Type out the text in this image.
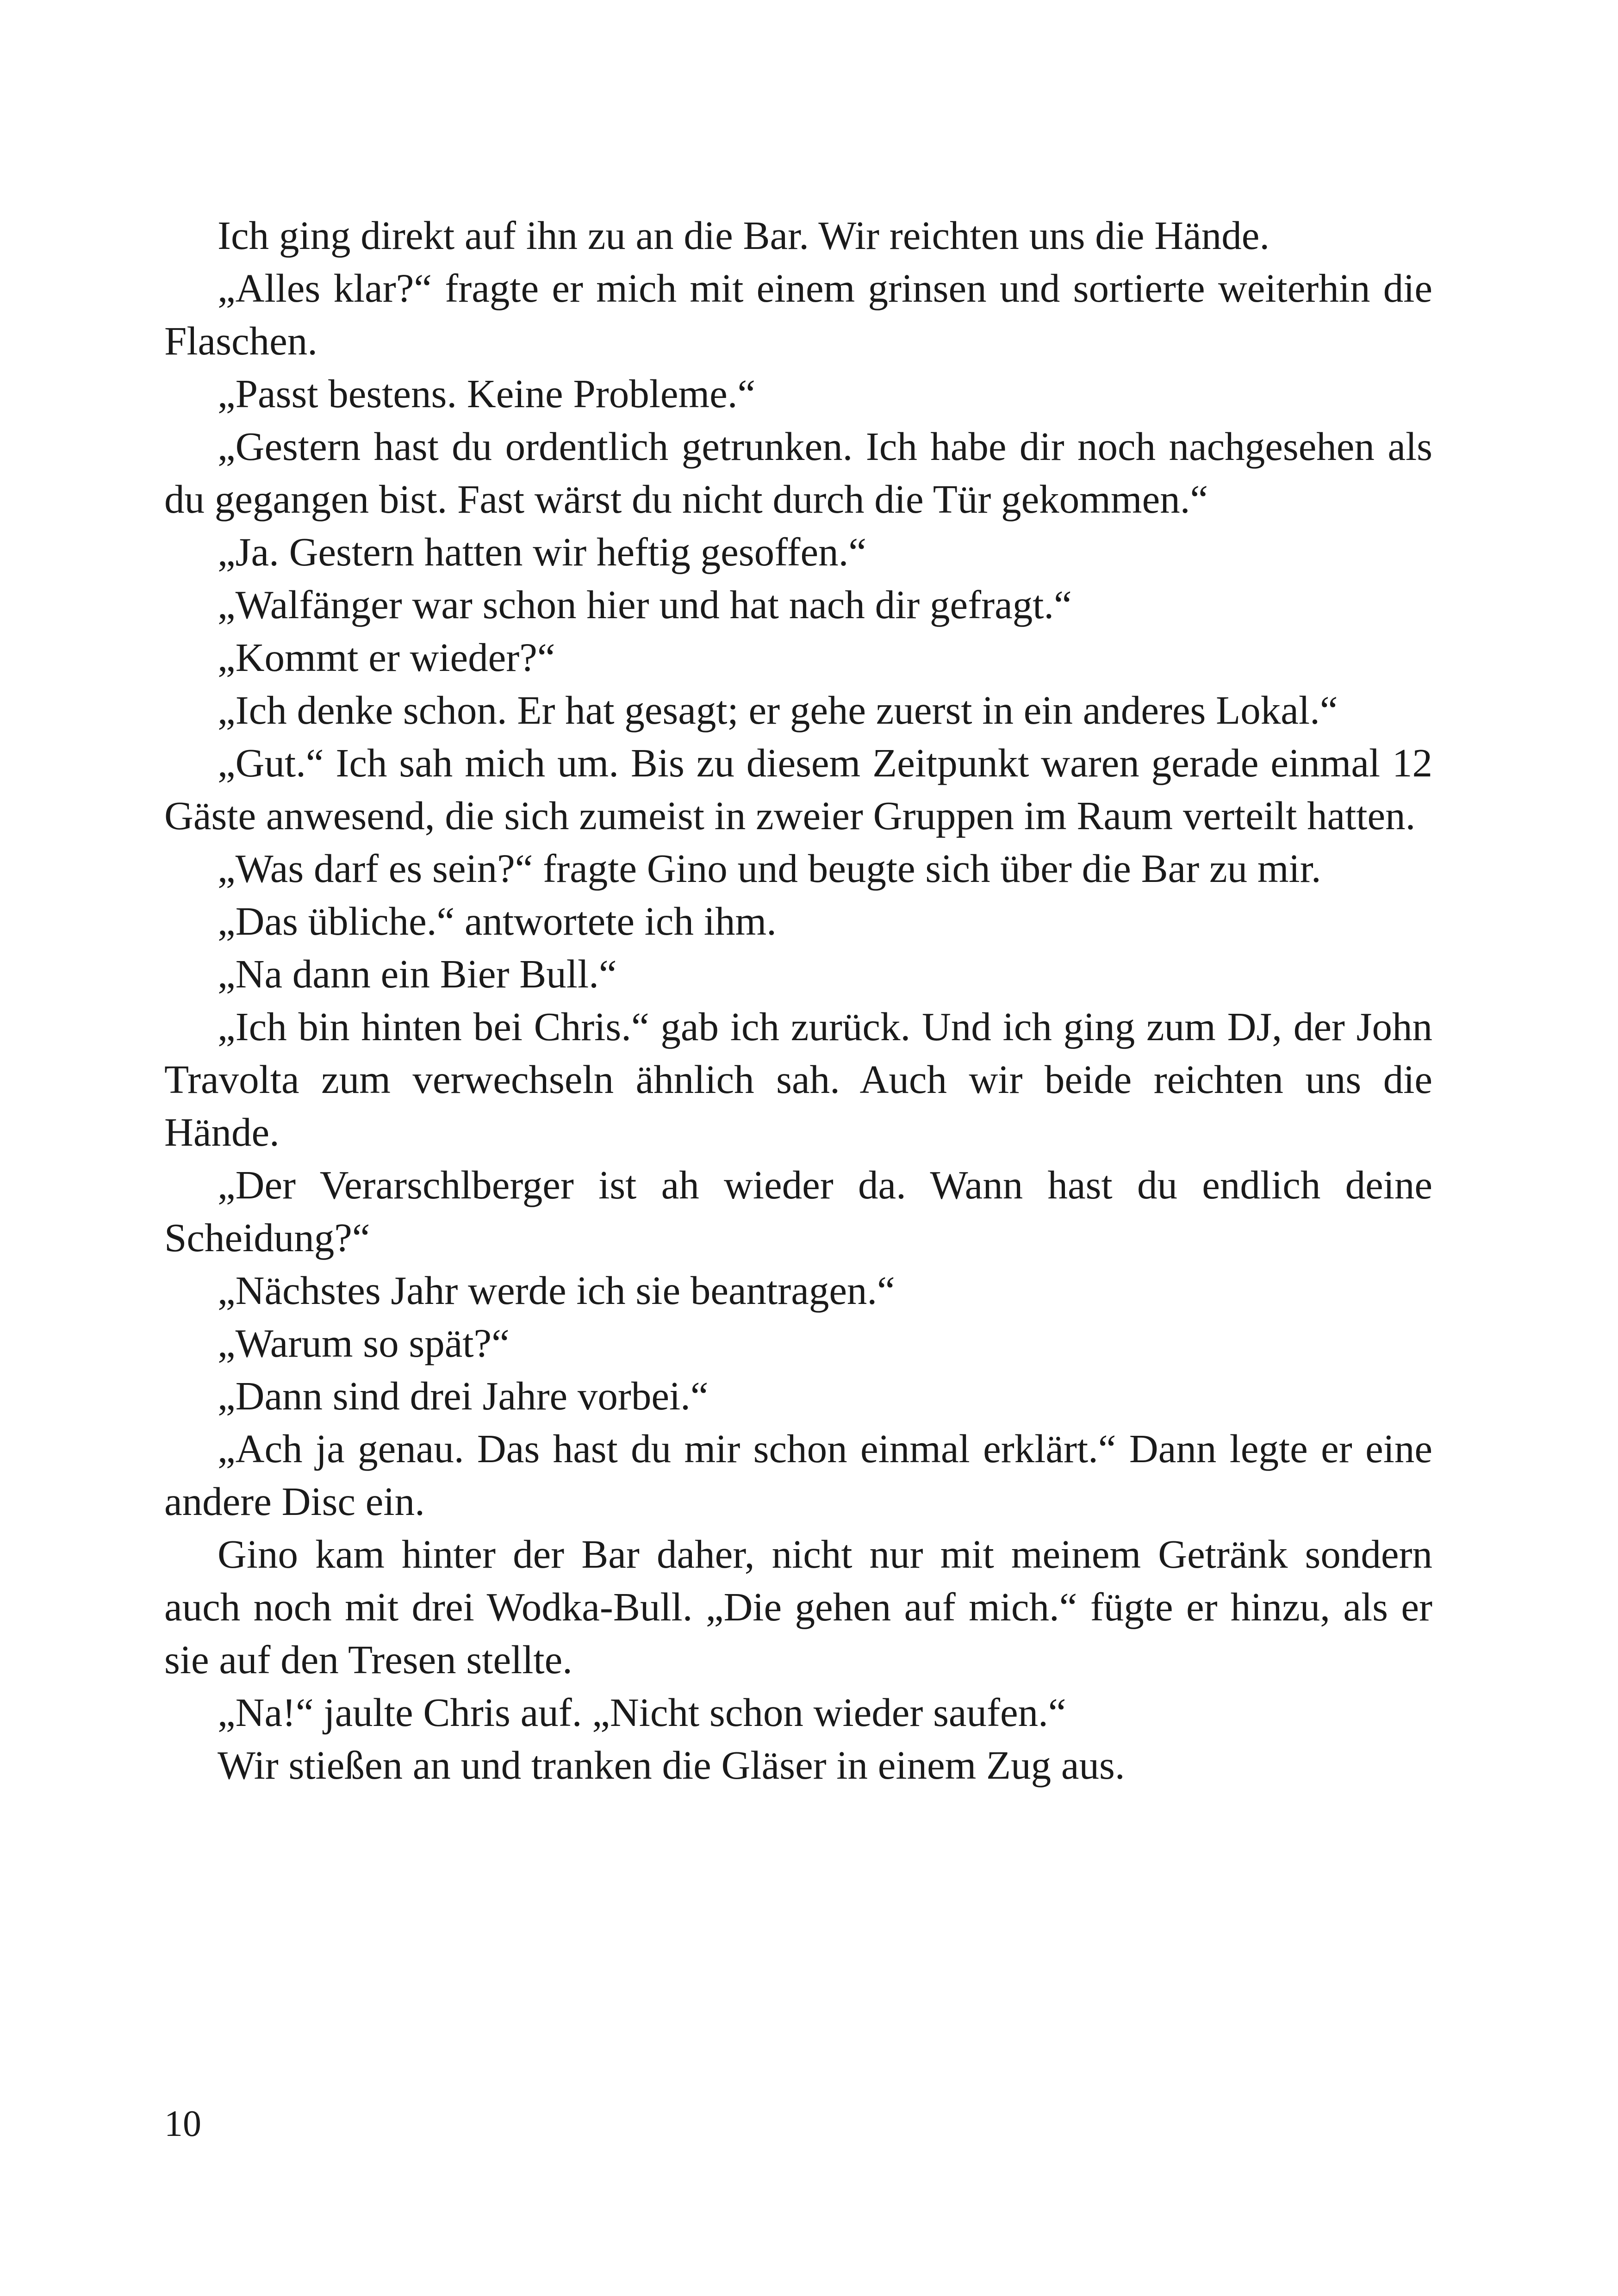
Ich ging direkt auf ihn zu an die Bar. Wir reichten uns die Hände.

„Alles klar?“ fragte er mich mit einem grinsen und sortierte weiterhin die Flaschen.

„Passt bestens. Keine Probleme.“

„Gestern hast du ordentlich getrunken. Ich habe dir noch nachgesehen als du gegangen bist. Fast wärst du nicht durch die Tür gekommen.“

„Ja. Gestern hatten wir heftig gesoffen.“

„Walfänger war schon hier und hat nach dir gefragt.“

„Kommt er wieder?“

„Ich denke schon. Er hat gesagt; er gehe zuerst in ein anderes Lokal.“

„Gut.“ Ich sah mich um. Bis zu diesem Zeitpunkt waren gerade einmal 12 Gäste anwesend, die sich zumeist in zweier Gruppen im Raum verteilt hatten.

„Was darf es sein?“ fragte Gino und beugte sich über die Bar zu mir.

„Das übliche.“ antwortete ich ihm.

„Na dann ein Bier Bull.“

„Ich bin hinten bei Chris.“ gab ich zurück. Und ich ging zum DJ, der John Travolta zum verwechseln ähnlich sah. Auch wir beide reichten uns die Hände.

„Der Verarschlberger ist ah wieder da. Wann hast du endlich deine Scheidung?“

„Nächstes Jahr werde ich sie beantragen.“

„Warum so spät?“

„Dann sind drei Jahre vorbei.“

„Ach ja genau. Das hast du mir schon einmal erklärt.“ Dann legte er eine andere Disc ein.

Gino kam hinter der Bar daher, nicht nur mit meinem Getränk sondern auch noch mit drei Wodka-Bull. „Die gehen auf mich.“ fügte er hinzu, als er sie auf den Tresen stellte.

„Na!“ jaulte Chris auf. „Nicht schon wieder saufen.“

Wir stießen an und tranken die Gläser in einem Zug aus.

10
